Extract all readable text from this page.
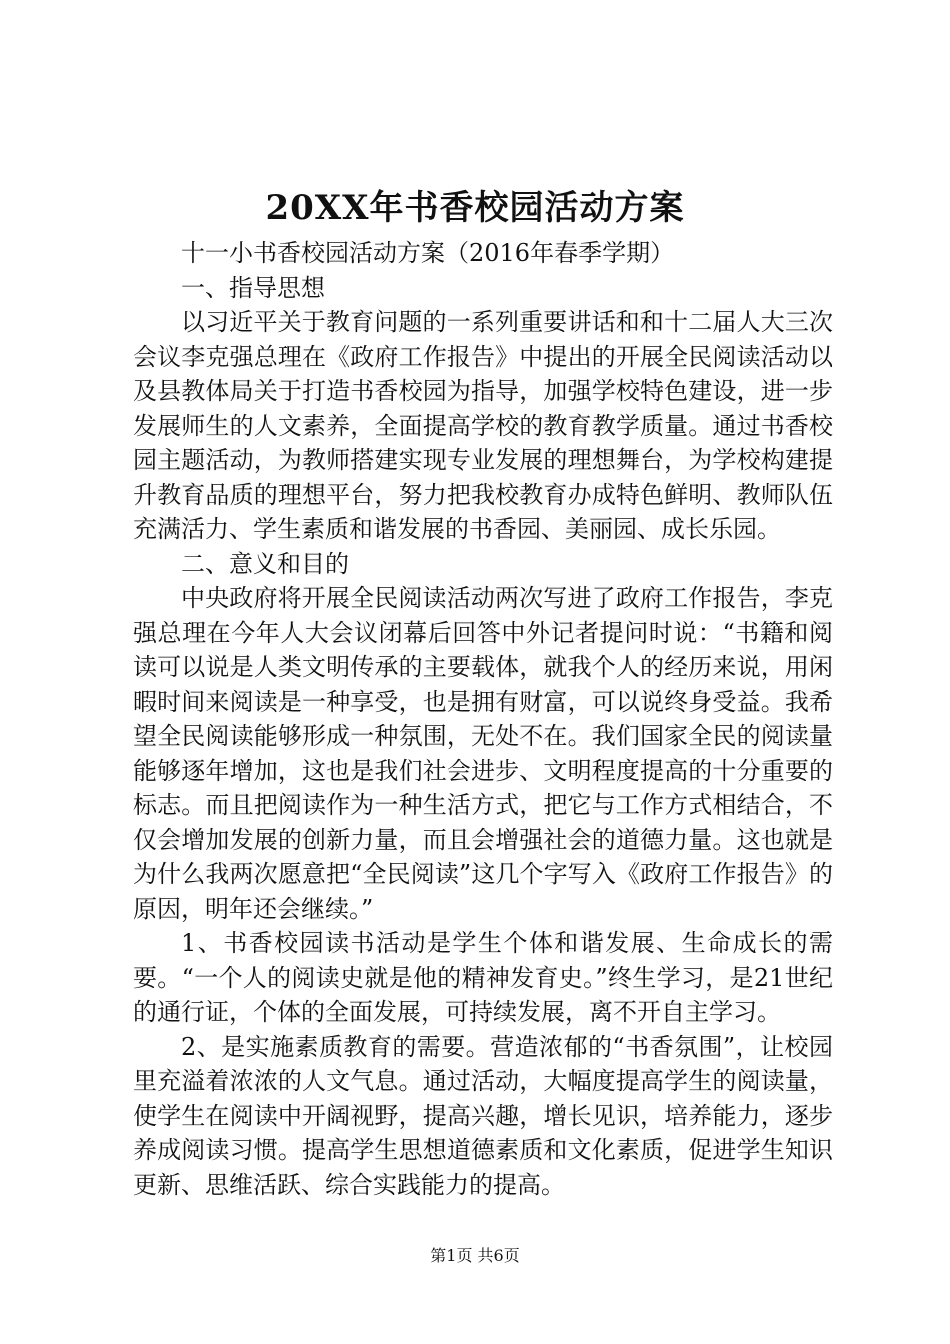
20XX年书香校园活动方案

十一小书香校园活动方案（2016年春季学期）

一、指导思想

以习近平关于教育问题的一系列重要讲话和和十二届人大三次会议李克强总理在《政府工作报告》中提出的开展全民阅读活动以及县教体局关于打造书香校园为指导，加强学校特色建设，进一步发展师生的人文素养，全面提高学校的教育教学质量。通过书香校园主题活动，为教师搭建实现专业发展的理想舞台，为学校构建提升教育品质的理想平台，努力把我校教育办成特色鲜明、教师队伍充满活力、学生素质和谐发展的书香园、美丽园、成长乐园。

二、意义和目的

中央政府将开展全民阅读活动两次写进了政府工作报告，李克强总理在今年人大会议闭幕后回答中外记者提问时说：“书籍和阅读可以说是人类文明传承的主要载体，就我个人的经历来说，用闲暇时间来阅读是一种享受，也是拥有财富，可以说终身受益。我希望全民阅读能够形成一种氛围，无处不在。我们国家全民的阅读量能够逐年增加，这也是我们社会进步、文明程度提高的十分重要的标志。而且把阅读作为一种生活方式，把它与工作方式相结合，不仅会增加发展的创新力量，而且会增强社会的道德力量。这也就是为什么我两次愿意把“全民阅读”这几个字写入《政府工作报告》的原因，明年还会继续。”

1、书香校园读书活动是学生个体和谐发展、生命成长的需要。“一个人的阅读史就是他的精神发育史。”终生学习，是21世纪的通行证，个体的全面发展，可持续发展，离不开自主学习。

2、是实施素质教育的需要。营造浓郁的“书香氛围”，让校园里充溢着浓浓的人文气息。通过活动，大幅度提高学生的阅读量，使学生在阅读中开阔视野，提高兴趣，增长见识，培养能力，逐步养成阅读习惯。提高学生思想道德素质和文化素质，促进学生知识更新、思维活跃、综合实践能力的提高。

第1页 共6页
